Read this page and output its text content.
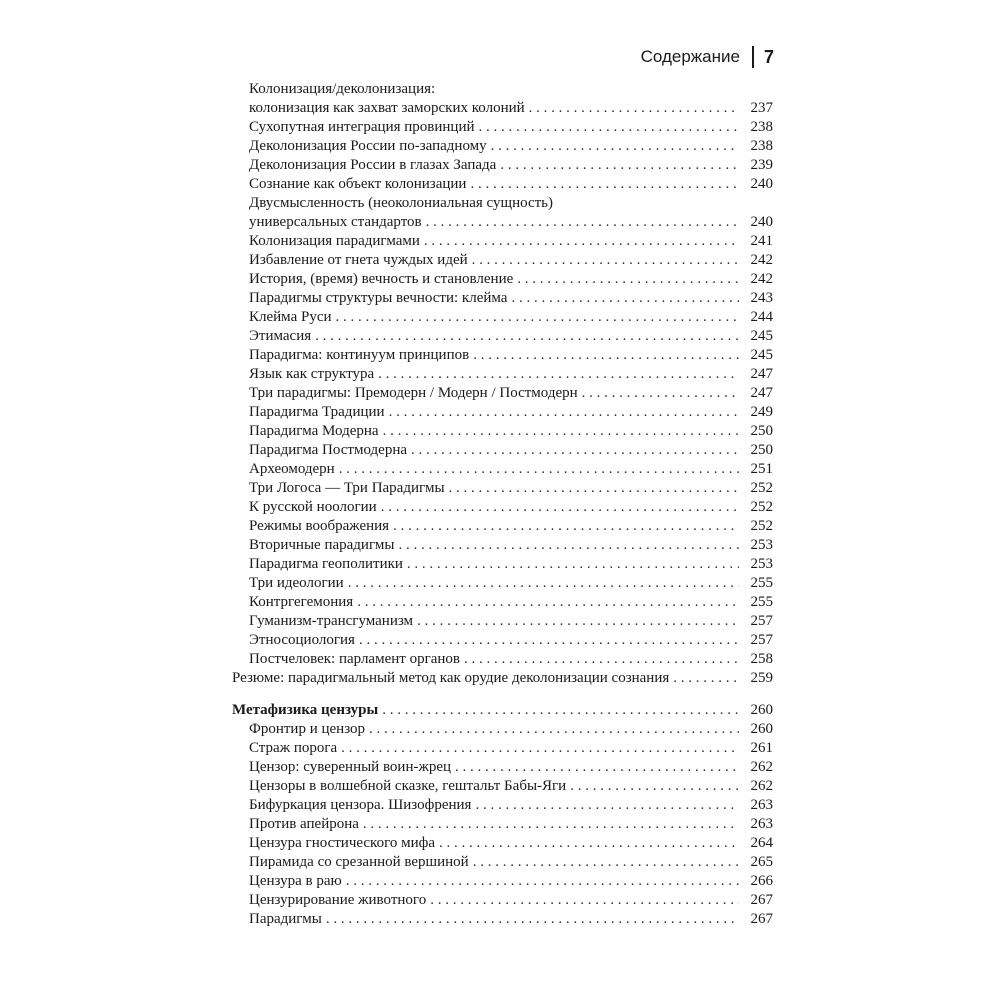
Содержание 7
Колонизация/деколонизация:
колонизация как захват заморских колоний . . .	237
Сухопутная интеграция провинций . . .	238
Деколонизация России по-западному . . .	238
Деколонизация России в глазах Запада . . .	239
Сознание как объект колонизации . . .	240
Двусмысленность (неоколониальная сущность)
универсальных стандартов . . .	240
Колонизация парадигмами . . .	241
Избавление от гнета чуждых идей . . .	242
История, (время) вечность и становление . . .	242
Парадигмы структуры вечности: клейма . . .	243
Клейма Руси . . .	244
Этимасия . . .	245
Парадигма: континуум принципов . . .	245
Язык как структура . . .	247
Три парадигмы: Премодерн / Модерн / Постмодерн . . .	247
Парадигма Традиции . . .	249
Парадигма Модерна . . .	250
Парадигма Постмодерна . . .	250
Археомодерн . . .	251
Три Логоса — Три Парадигмы . . .	252
К русской ноологии . . .	252
Режимы воображения . . .	252
Вторичные парадигмы . . .	253
Парадигма геополитики . . .	253
Три идеологии . . .	255
Контргегемония . . .	255
Гуманизм-трансгуманизм . . .	257
Этносоциология . . .	257
Постчеловек: парламент органов . . .	258
Резюме: парадигмальный метод как орудие деколонизации сознания . . .	259
Метафизика цензуры . . .	260
Фронтир и цензор . . .	260
Страж порога . . .	261
Цензор: суверенный воин-жрец . . .	262
Цензоры в волшебной сказке, гештальт Бабы-Яги . . .	262
Бифуркация цензора. Шизофрения . . .	263
Против апейрона . . .	263
Цензура гностического мифа . . .	264
Пирамида со срезанной вершиной . . .	265
Цензура в раю . . .	266
Цензурирование животного . . .	267
Парадигмы . . .	267
